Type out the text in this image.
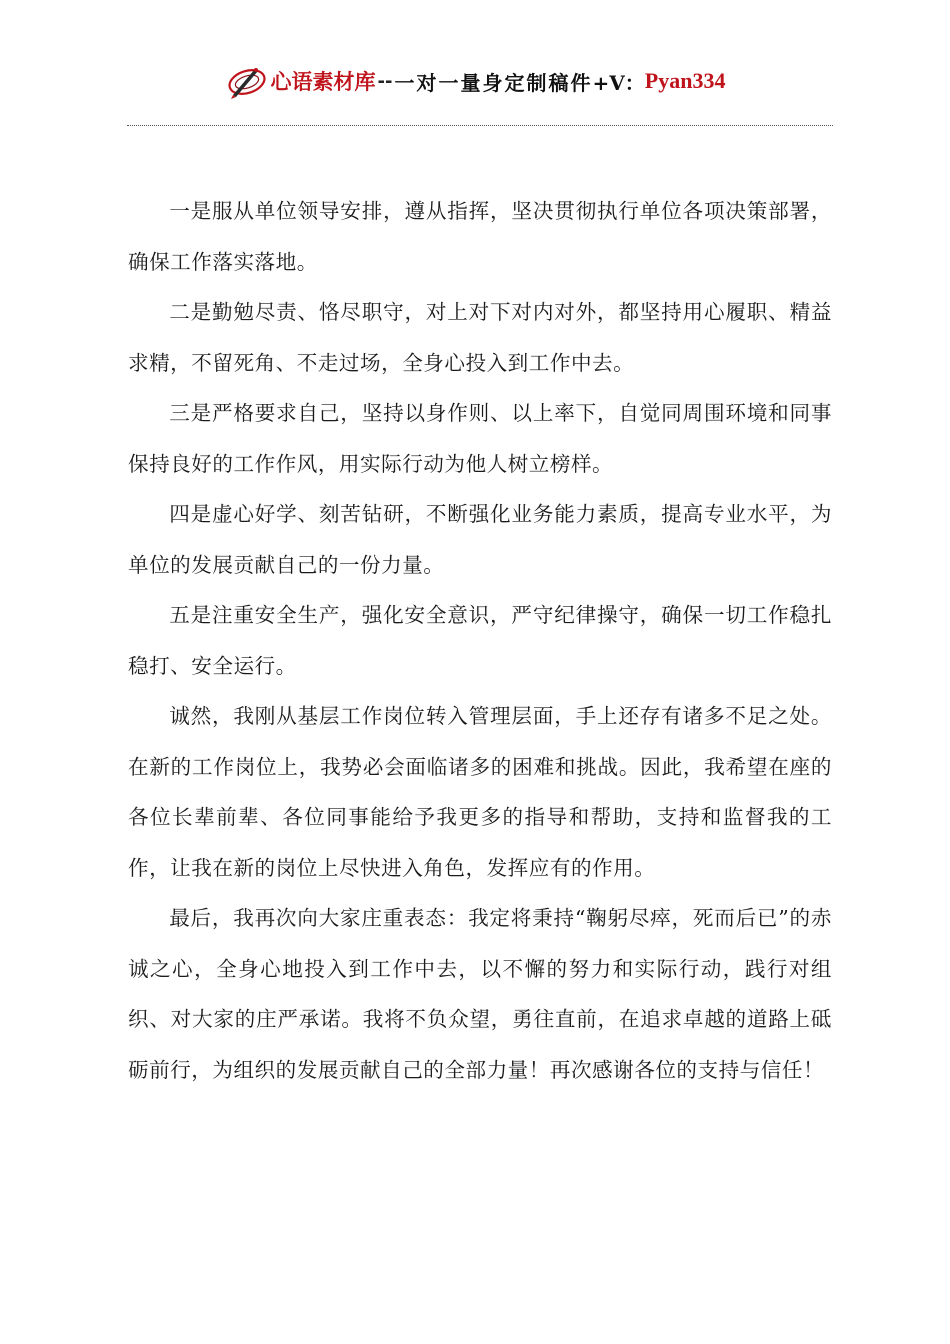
心语素材库 -- 一对一量身定制稿件 +V： Pyan334

一是服从单位领导安排，遵从指挥，坚决贯彻执行单位各项决策部署，确保工作落实落地。

二是勤勉尽责、恪尽职守，对上对下对内对外，都坚持用心履职、精益求精，不留死角、不走过场，全身心投入到工作中去。

三是严格要求自己，坚持以身作则、以上率下，自觉同周围环境和同事保持良好的工作作风，用实际行动为他人树立榜样。

四是虚心好学、刻苦钻研，不断强化业务能力素质，提高专业水平，为单位的发展贡献自己的一份力量。

五是注重安全生产，强化安全意识，严守纪律操守，确保一切工作稳扎稳打、安全运行。

诚然，我刚从基层工作岗位转入管理层面，手上还存有诸多不足之处。在新的工作岗位上，我势必会面临诸多的困难和挑战。因此，我希望在座的各位长辈前辈、各位同事能给予我更多的指导和帮助，支持和监督我的工作，让我在新的岗位上尽快进入角色，发挥应有的作用。

最后，我再次向大家庄重表态：我定将秉持“鞠躬尽瘁，死而后已”的赤诚之心，全身心地投入到工作中去，以不懈的努力和实际行动，践行对组织、对大家的庄严承诺。我将不负众望，勇往直前，在追求卓越的道路上砥砺前行，为组织的发展贡献自己的全部力量！再次感谢各位的支持与信任！
